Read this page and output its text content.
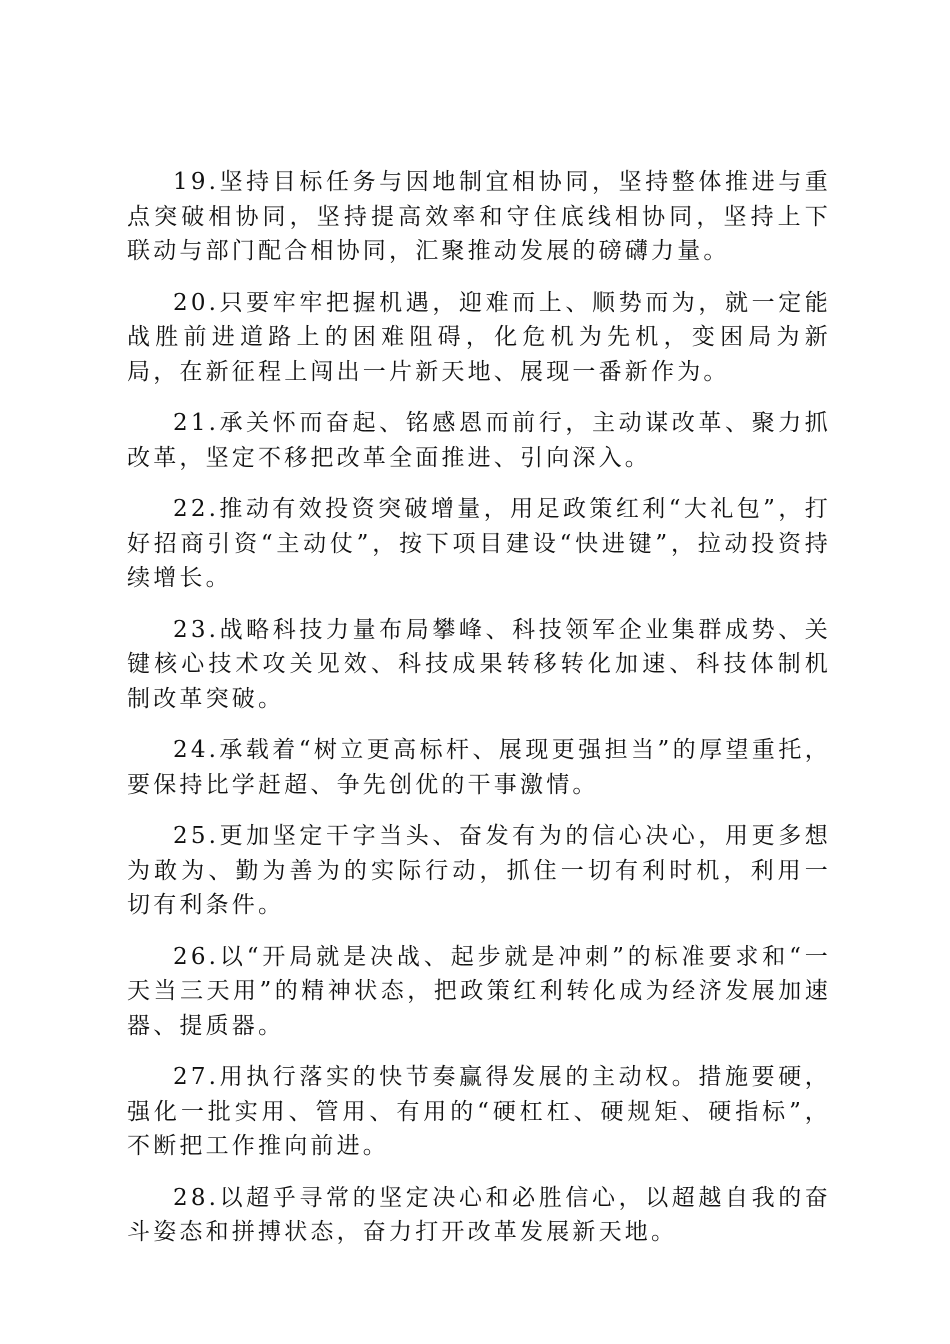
19.坚持目标任务与因地制宜相协同，坚持整体推进与重点突破相协同，坚持提高效率和守住底线相协同，坚持上下联动与部门配合相协同，汇聚推动发展的磅礴力量。

20.只要牢牢把握机遇，迎难而上、顺势而为，就一定能战胜前进道路上的困难阻碍，化危机为先机，变困局为新局，在新征程上闯出一片新天地、展现一番新作为。

21.承关怀而奋起、铭感恩而前行，主动谋改革、聚力抓改革，坚定不移把改革全面推进、引向深入。

22.推动有效投资突破增量，用足政策红利“大礼包”，打好招商引资“主动仗”，按下项目建设“快进键”，拉动投资持续增长。

23.战略科技力量布局攀峰、科技领军企业集群成势、关键核心技术攻关见效、科技成果转移转化加速、科技体制机制改革突破。

24.承载着“树立更高标杆、展现更强担当”的厚望重托，要保持比学赶超、争先创优的干事激情。

25.更加坚定干字当头、奋发有为的信心决心，用更多想为敢为、勤为善为的实际行动，抓住一切有利时机，利用一切有利条件。

26.以“开局就是决战、起步就是冲刺”的标准要求和“一天当三天用”的精神状态，把政策红利转化成为经济发展加速器、提质器。

27.用执行落实的快节奏赢得发展的主动权。措施要硬，强化一批实用、管用、有用的“硬杠杠、硬规矩、硬指标”，不断把工作推向前进。

28.以超乎寻常的坚定决心和必胜信心，以超越自我的奋斗姿态和拼搏状态，奋力打开改革发展新天地。
